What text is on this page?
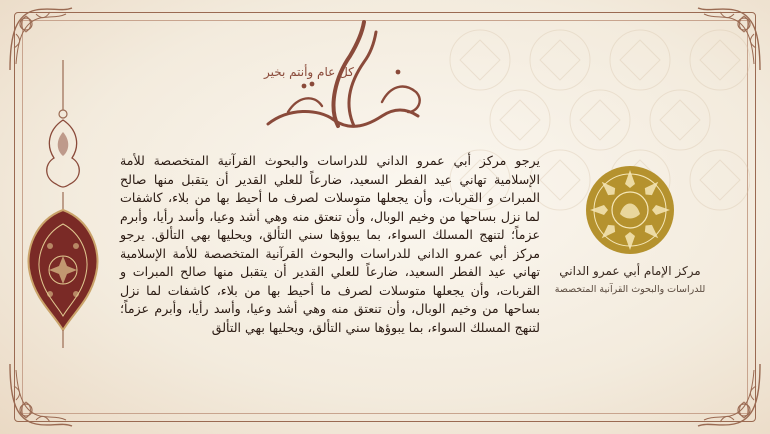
كل عام وأنتم بخير

يرجو مركز أبي عمرو الداني للدراسات والبحوث القرآنية المتخصصة للأمة الإسلامية تهاني عيد الفطر السعيد، ضارعاً للعلي القدير أن يتقبل منها صالح المبرات و القربات، وأن يجعلها متوسلات لصرف ما أحيط بها من بلاء، كاشفات لما نزل بساحها من وخيم الوبال، وأن تنعتق منه وهي أشد وعيا، وأسد رأيا، وأبرم عزماً؛ لتنهج المسلك السواء، بما يبوؤها سني التألق، ويحليها بهي التألق. يرجو مركز أبي عمرو الداني للدراسات والبحوث القرآنية المتخصصة للأمة الإسلامية تهاني عيد الفطر السعيد، ضارعاً للعلي القدير أن يتقبل منها صالح المبرات و القربات، وأن يجعلها متوسلات لصرف ما أحيط بها من بلاء، كاشفات لما نزل بساحها من وخيم الوبال، وأن تنعتق منه وهي أشد وعيا، وأسد رأيا، وأبرم عزماً؛ لتنهج المسلك السواء، بما يبوؤها سني التألق، ويحليها بهي التألق

مركز الإمام أبي عمرو الداني

للدراسات والبحوث القرآنية المتخصصة
